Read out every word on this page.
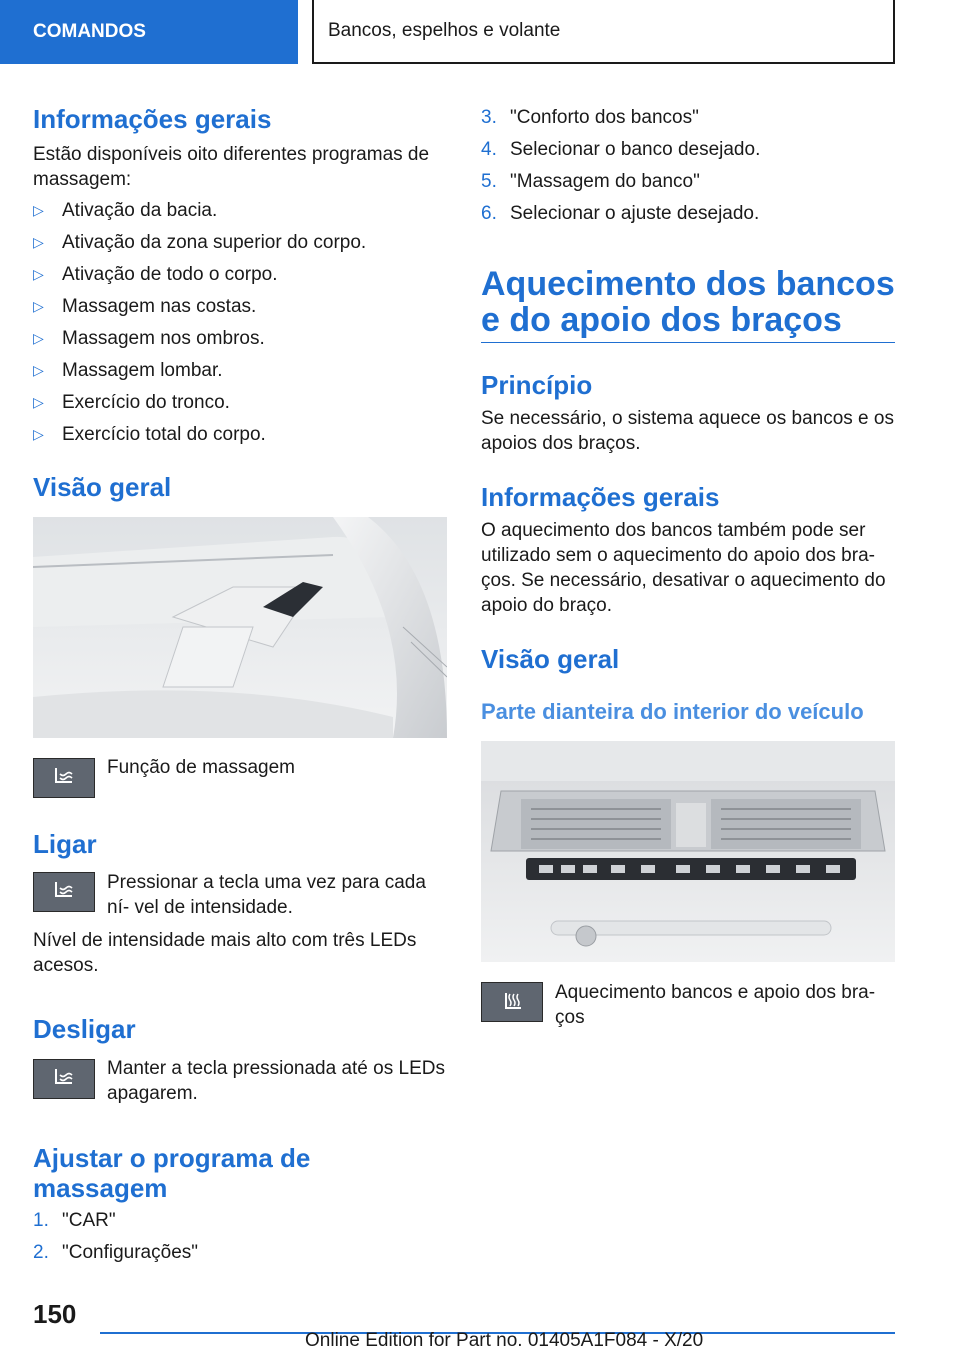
COMANDOS	Bancos, espelhos e volante
Informações gerais
Estão disponíveis oito diferentes programas de massagem:
▷ Ativação da bacia.
▷ Ativação da zona superior do corpo.
▷ Ativação de todo o corpo.
▷ Massagem nas costas.
▷ Massagem nos ombros.
▷ Massagem lombar.
▷ Exercício do tronco.
▷ Exercício total do corpo.
Visão geral
Função de massagem
Ligar
Pressionar a tecla uma vez para cada ní- vel de intensidade.
Nível de intensidade mais alto com três LEDs acesos.
Desligar
Manter a tecla pressionada até os LEDs apagarem.
Ajustar o programa de massagem
1. "CAR"
2. "Configurações"
3. "Conforto dos bancos"
4. Selecionar o banco desejado.
5. "Massagem do banco"
6. Selecionar o ajuste desejado.
Aquecimento dos bancos e do apoio dos braços
Princípio
Se necessário, o sistema aquece os bancos e os apoios dos braços.
Informações gerais
O aquecimento dos bancos também pode ser utilizado sem o aquecimento do apoio dos bra- ços. Se necessário, desativar o aquecimento do apoio do braço.
Visão geral
Parte dianteira do interior do veículo
Aquecimento bancos e apoio dos bra- ços
150
Online Edition for Part no. 01405A1F084 - X/20
